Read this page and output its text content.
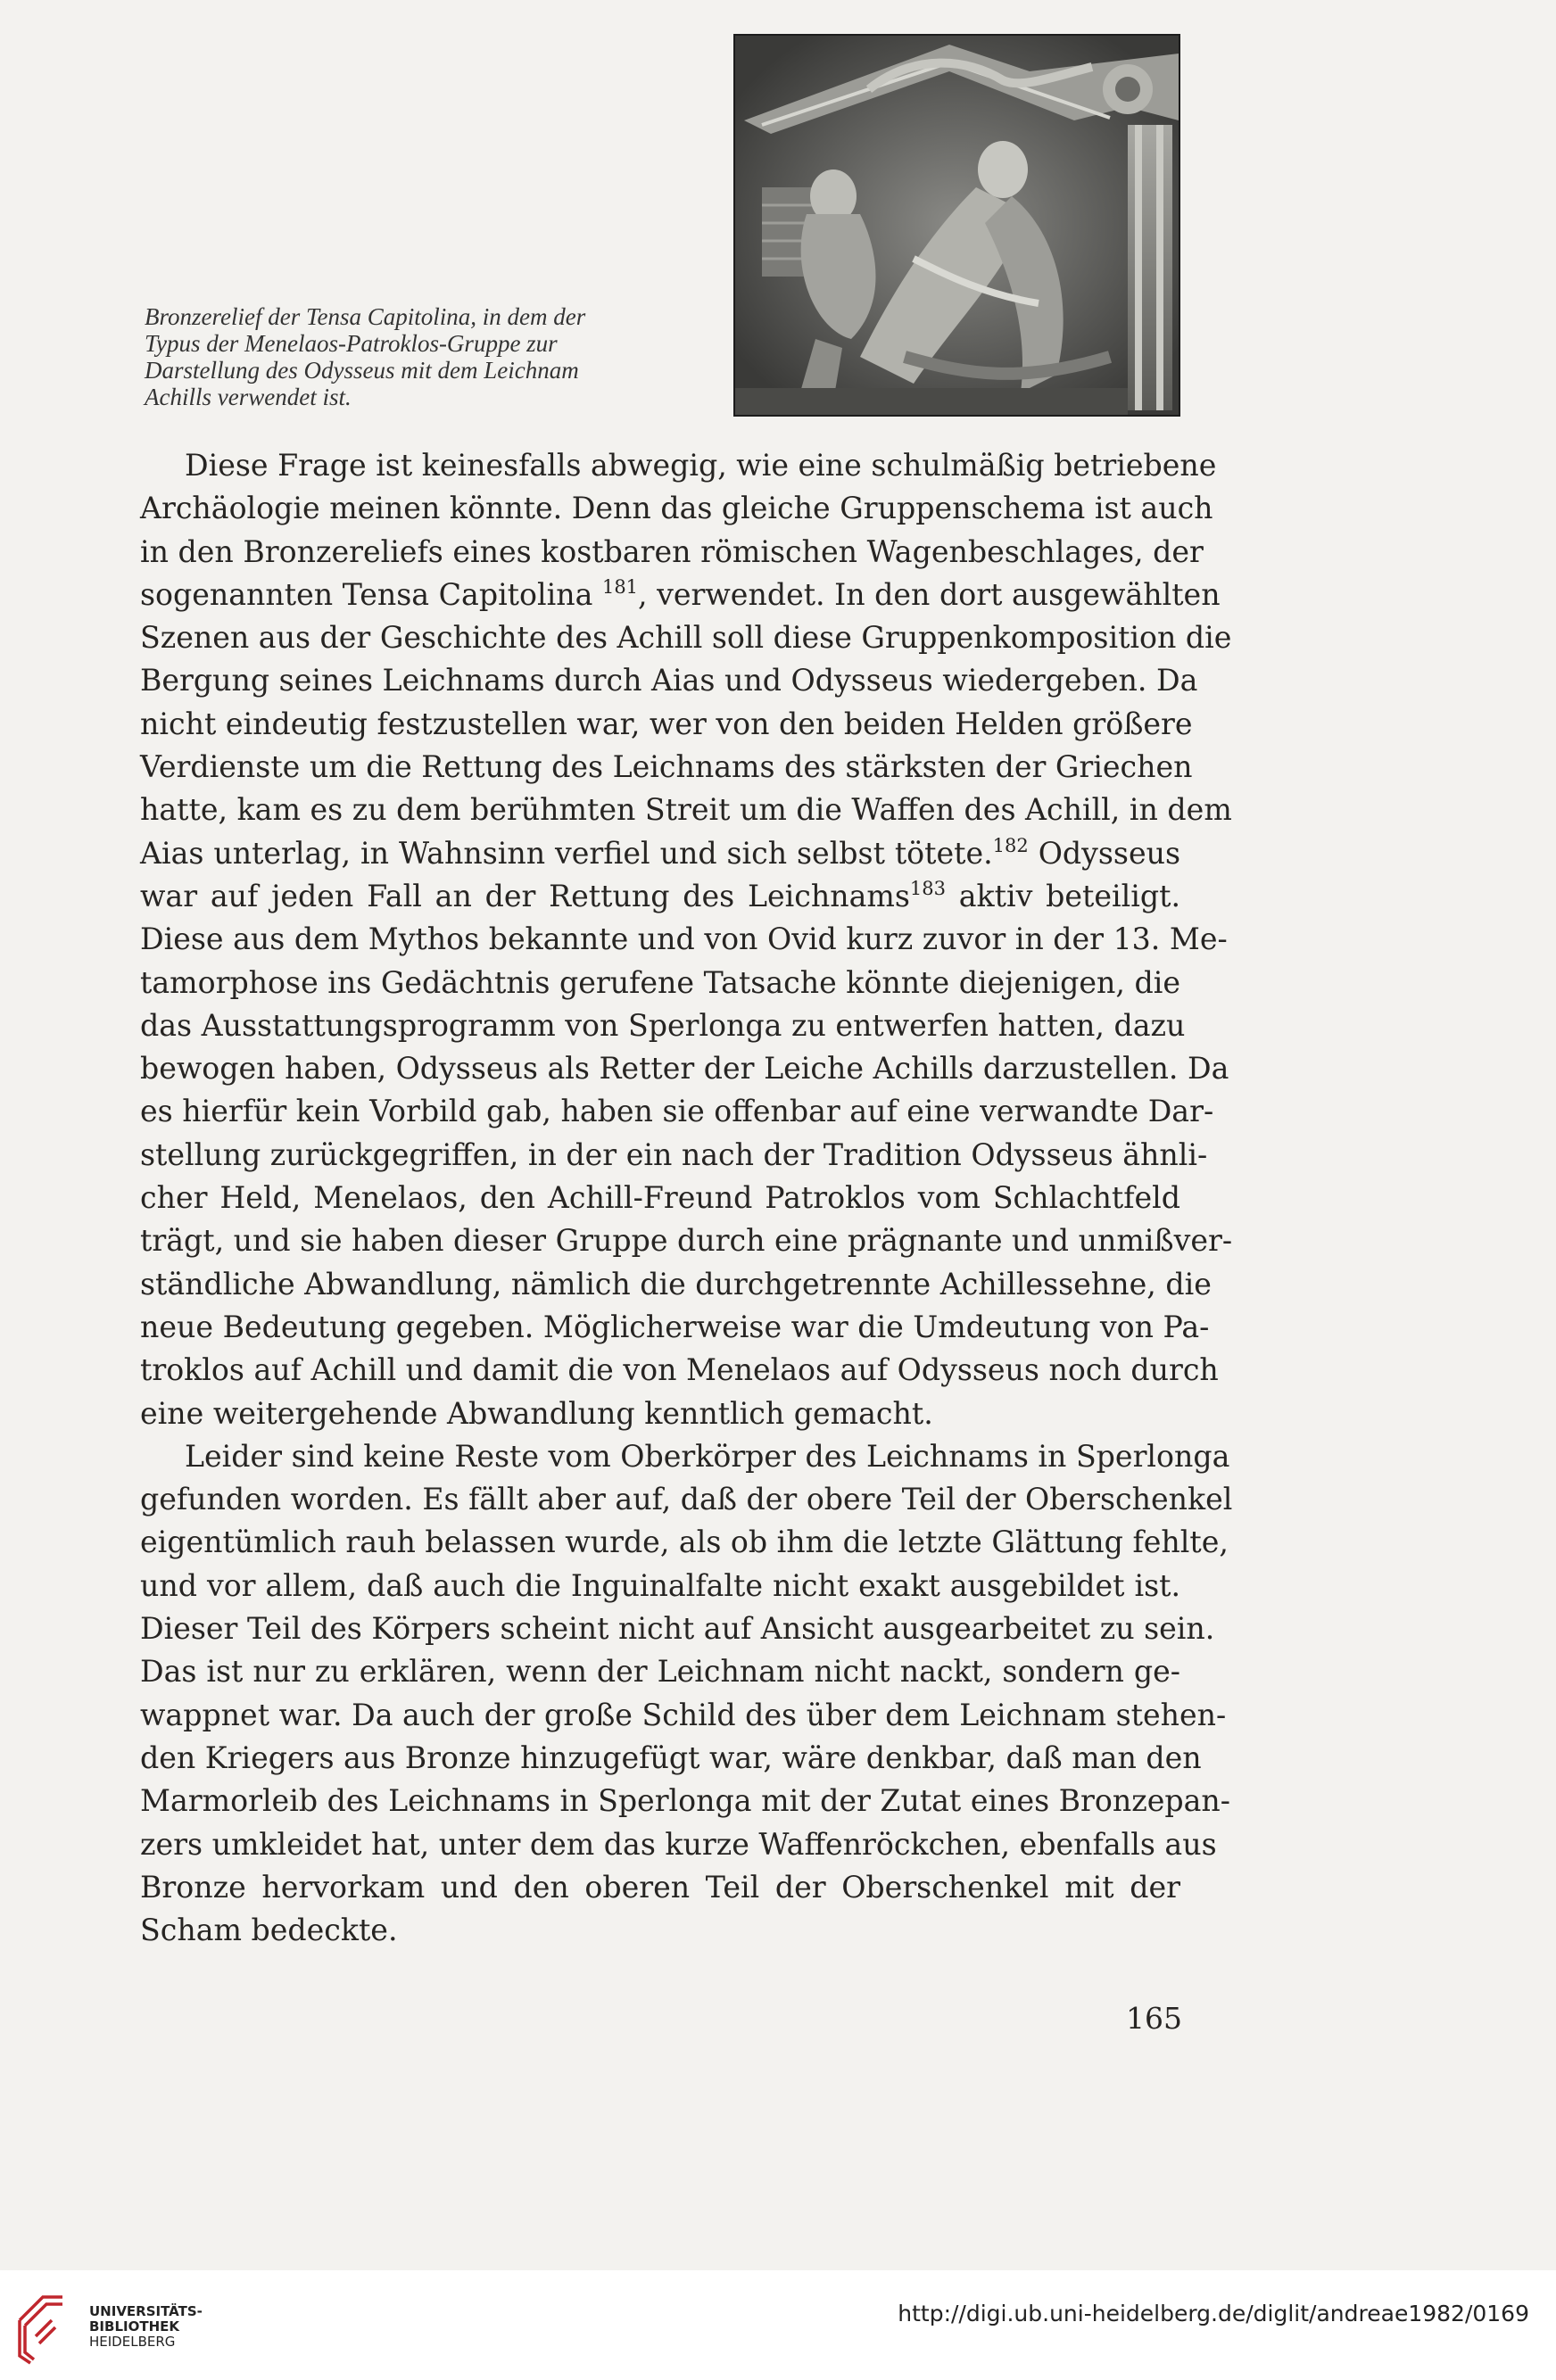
Bronzerelief der Tensa Capitolina, in dem der
Typus der Menelaos-Patroklos-Gruppe zur
Darstellung des Odysseus mit dem Leichnam
Achills verwendet ist.
Diese Frage ist keinesfalls abwegig, wie eine schulmäßig betriebene
Archäologie meinen könnte. Denn das gleiche Gruppenschema ist auch
in den Bronzereliefs eines kostbaren römischen Wagenbeschlages, der
sogenannten Tensa Capitolina $^{181}$, verwendet. In den dort ausgewählten
Szenen aus der Geschichte des Achill soll diese Gruppenkomposition die
Bergung seines Leichnams durch Aias und Odysseus wiedergeben. Da
nicht eindeutig festzustellen war, wer von den beiden Helden größere
Verdienste um die Rettung des Leichnams des stärksten der Griechen
hatte, kam es zu dem berühmten Streit um die Waffen des Achill, in dem
Aias unterlag, in Wahnsinn verfiel und sich selbst tötete.$^{182}$ Odysseus
war auf jeden Fall an der Rettung des Leichnams$^{183}$ aktiv beteiligt.
Diese aus dem Mythos bekannte und von Ovid kurz zuvor in der 13. Me-
tamorphose ins Gedächtnis gerufene Tatsache könnte diejenigen, die
das Ausstattungsprogramm von Sperlonga zu entwerfen hatten, dazu
bewogen haben, Odysseus als Retter der Leiche Achills darzustellen. Da
es hierfür kein Vorbild gab, haben sie offenbar auf eine verwandte Dar-
stellung zurückgegriffen, in der ein nach der Tradition Odysseus ähnli-
cher Held, Menelaos, den Achill-Freund Patroklos vom Schlachtfeld
trägt, und sie haben dieser Gruppe durch eine prägnante und unmißver-
ständliche Abwandlung, nämlich die durchgetrennte Achillessehne, die
neue Bedeutung gegeben. Möglicherweise war die Umdeutung von Pa-
troklos auf Achill und damit die von Menelaos auf Odysseus noch durch
eine weitergehende Abwandlung kenntlich gemacht.
Leider sind keine Reste vom Oberkörper des Leichnams in Sperlonga
gefunden worden. Es fällt aber auf, daß der obere Teil der Oberschenkel
eigentümlich rauh belassen wurde, als ob ihm die letzte Glättung fehlte,
und vor allem, daß auch die Inguinalfalte nicht exakt ausgebildet ist.
Dieser Teil des Körpers scheint nicht auf Ansicht ausgearbeitet zu sein.
Das ist nur zu erklären, wenn der Leichnam nicht nackt, sondern ge-
wappnet war. Da auch der große Schild des über dem Leichnam stehen-
den Kriegers aus Bronze hinzugefügt war, wäre denkbar, daß man den
Marmorleib des Leichnams in Sperlonga mit der Zutat eines Bronzepan-
zers umkleidet hat, unter dem das kurze Waffenröckchen, ebenfalls aus
Bronze hervorkam und den oberen Teil der Oberschenkel mit der
Scham bedeckte.
165
UNIVERSITÄTS-
BIBLIOTHEK
HEIDELBERG
http://digi.ub.uni-heidelberg.de/diglit/andreae1982/0169
